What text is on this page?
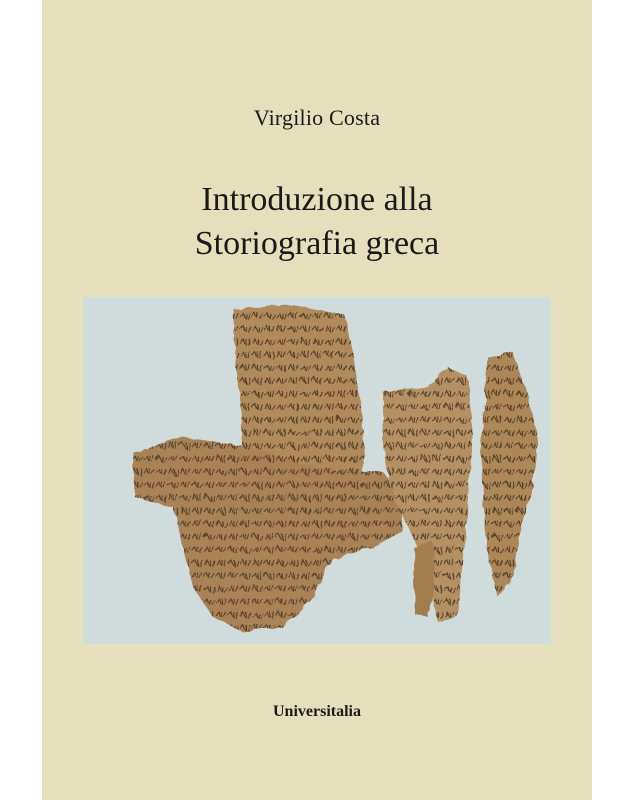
Virgilio Costa
Introduzione alla
Storiografia greca
Universitalia
